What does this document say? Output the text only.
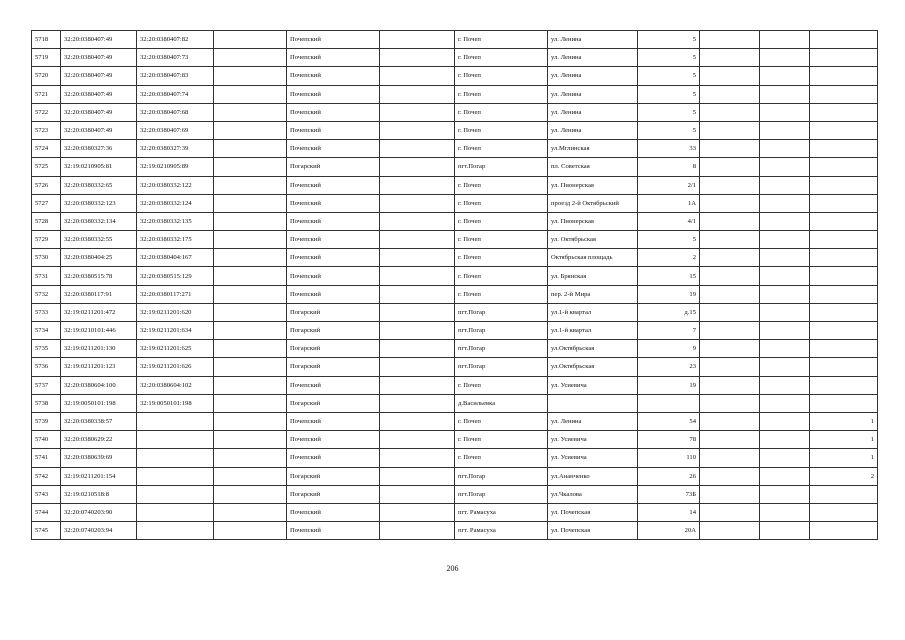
5718	32:20:0380407:49	32:20:0380407:82		Почепский		г. Почеп	ул. Ленина	5			
5719	32:20:0380407:49	32:20:0380407:73		Почепский		г. Почеп	ул. Ленина	5			
5720	32:20:0380407:49	32:20:0380407:83		Почепский		г. Почеп	ул. Ленина	5			
5721	32:20:0380407:49	32:20:0380407:74		Почепский		г. Почеп	ул. Ленина	5			
5722	32:20:0380407:49	32:20:0380407:68		Почепский		г. Почеп	ул. Ленина	5			
5723	32:20:0380407:49	32:20:0380407:69		Почепский		г. Почеп	ул. Ленина	5			
5724	32:20:0380327:36	32:20:0380327:39		Почепский		г. Почеп	ул.Мглинская	33			
5725	32:19:0210905:81	32:19:0210905:89		Погарский		пгт.Погар	пл. Советская	8			
5726	32:20:0380332:65	32:20:0380332:122		Почепский		г. Почеп	ул. Пионерская	2/1			
5727	32:20:0380332:123	32:20:0380332:124		Почепский		г. Почеп	проезд 2-й Октябрьский	1А			
5728	32:20:0380332:134	32:20:0380332:135		Почепский		г. Почеп	ул. Пионерская	4/1			
5729	32:20:0380332:55	32:20:0380332:175		Почепский		г. Почеп	ул. Октябрьская	5			
5730	32:20:0380404:25	32:20:0380404:167		Почепский		г. Почеп	Октябрьская площадь	2			
5731	32:20:0380515:78	32:20:0380515:129		Почепский		г. Почеп	ул. Брянская	15			
5732	32:20:0380117:91	32:20:0380117:271		Почепский		г. Почеп	пер. 2-й Мира	19			
5733	32:19:0211201:472	32:19:0211201:620		Погарский		пгт.Погар	ул.1-й квартал	д.15			
5734	32:19:0210101:446	32:19:0211201:634		Погарский		пгт.Погар	ул.1-й квартал	7			
5735	32:19:0211201:130	32:19:0211201:625		Погарский		пгт.Погар	ул.Октябрьская	9			
5736	32:19:0211201:123	32:19:0211201:626		Погарский		пгт.Погар	ул.Октябрьская	23			
5737	32:20:0380604:100	32:20:0380604:102		Почепский		г. Почеп	ул. Усиевича	19			
5738	32:19:0050101:198	32:19:0050101:198		Погарский		д.Васильевка					
5739	32:20:0380338:57			Почепский		г. Почеп	ул. Ленина	54			1
5740	32:20:0380629:22			Почепский		г. Почеп	ул. Усиевича	78			1
5741	32:20:0380639:69			Почепский		г. Почеп	ул. Усиевича	110			1
5742	32:19:0211201:154			Погарский		пгт.Погар	ул.Ананченко	26			2
5743	32:19:0210518:8			Погарский		пгт.Погар	ул.Чкалова	73Б			
5744	32:20:0740203:90			Почепский		пгт. Рамасуха	ул. Почепская	14			
5745	32:20:0740203:94			Почепский		пгт. Рамасуха	ул. Почепская	20А			
206
